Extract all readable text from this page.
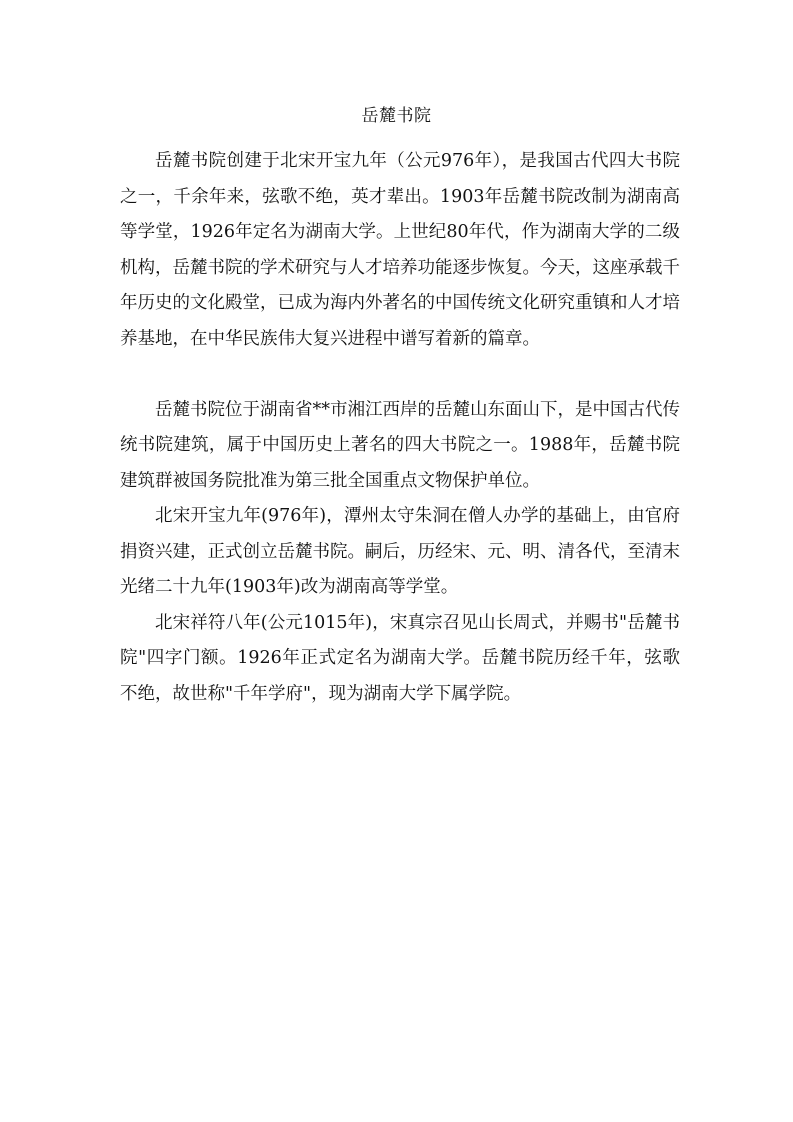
岳麓书院

岳麓书院创建于北宋开宝九年（公元976年），是我国古代四大书院之一，千余年来，弦歌不绝，英才辈出。1903年岳麓书院改制为湖南高等学堂，1926年定名为湖南大学。上世纪80年代，作为湖南大学的二级机构，岳麓书院的学术研究与人才培养功能逐步恢复。今天，这座承载千年历史的文化殿堂，已成为海内外著名的中国传统文化研究重镇和人才培养基地，在中华民族伟大复兴进程中谱写着新的篇章。

岳麓书院位于湖南省**市湘江西岸的岳麓山东面山下，是中国古代传统书院建筑，属于中国历史上著名的四大书院之一。1988年，岳麓书院建筑群被国务院批准为第三批全国重点文物保护单位。

北宋开宝九年(976年)，潭州太守朱洞在僧人办学的基础上，由官府捐资兴建，正式创立岳麓书院。嗣后，历经宋、元、明、清各代，至清末光绪二十九年(1903年)改为湖南高等学堂。

北宋祥符八年(公元1015年)，宋真宗召见山长周式，并赐书"岳麓书院"四字门额。1926年正式定名为湖南大学。岳麓书院历经千年，弦歌不绝，故世称"千年学府"，现为湖南大学下属学院。
